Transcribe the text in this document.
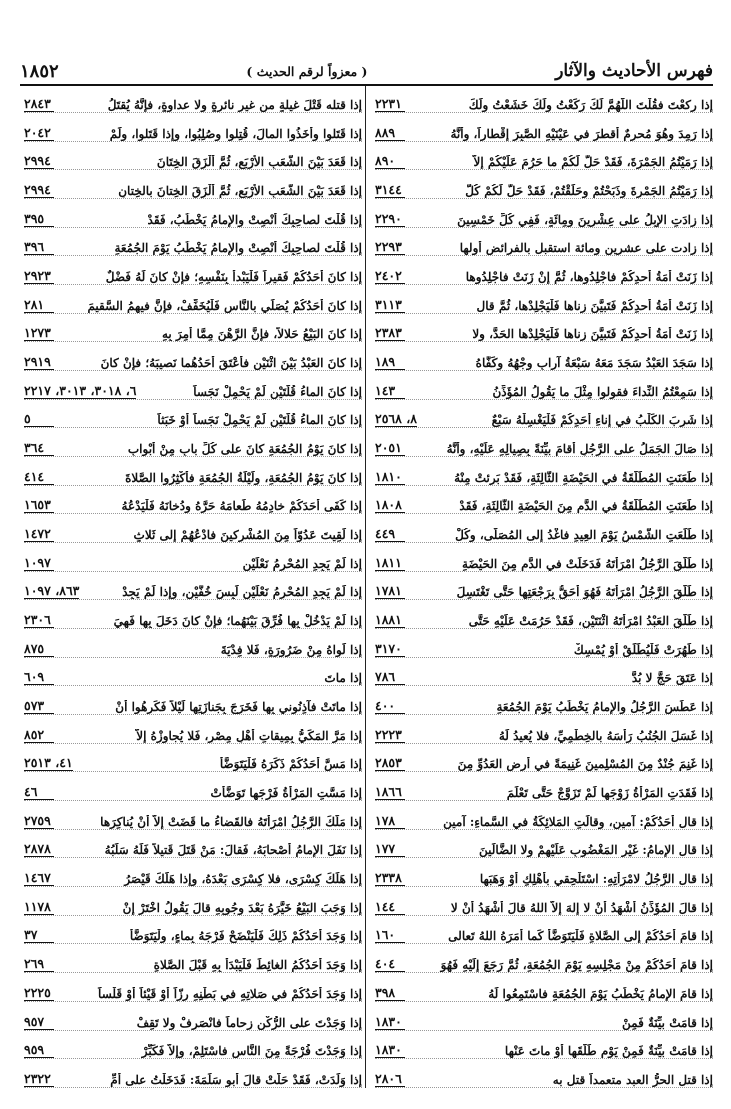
فهرس الأحاديث والآثار
( معزواً لرقم الحديث )
١٨٥٢
إذا ركعْتَ فقُلْتَ اللَّهُمَّ لَكَ رَكَعْتُ ولَكَ خَشَعْتُ ولَكَ
٢٢٣١
إذا رَمِدَ وهُوَ مُحرِمٌ أقطرَ في عَيْنَيْهِ الصَّبِرَ إقْطاراً، وأنَّهُ
٨٨٩
إذا رَمَيْتُمُ الجَمْرَةَ، فَقَدْ حَلَّ لَكُمْ ما حَرُمَ عَلَيْكُمْ إلاَّ
٨٩٠
إذا رَمَيْتُمُ الجَمْرةَ وذَبَحْتُمْ وحَلَقْتُمْ، فَقَدْ حَلَّ لَكُمْ كُلُّ
٣١٤٤
إذا زادَتِ الإبِلُ على عِشْرينَ ومِائَةٍ، فَفِي كُلِّ خَمْسِينَ
٢٢٩٠
إذا زادت على عشرين ومائة استقبل بالفرائض أولها
٢٢٩٣
إذا زَنَتْ أَمَةُ أحدِكُمْ فاجْلِدُوها، ثُمَّ إنْ زَنَتْ فاجْلِدُوها
٢٤٠٢
إذا زَنَتْ أَمَةُ أحدِكُمْ فَتَبيَّنَ زِناها فَلْيَجْلِدْها، ثُمَّ قال
٣١١٣
إذا زَنَتْ أَمَةُ أحدِكُمْ فَتَبيَّنَ زِناها فَلْيَجْلِدْها الحَدَّ، ولا
٢٣٨٣
إذا سَجَدَ العَبْدُ سَجَدَ مَعَهُ سَبْعَةُ آرابٍ وجْهُهُ وكَفَّاهُ
١٨٩
إذا سَمِعْتُمُ النِّداءَ فقولوا مِثْلَ ما يَقُولُ المُؤَذِّنُ
١٤٣
إذا شَرِبَ الكَلْبُ في إناءِ أحَدِكُمْ فَلْيَغْسِلْهُ سَبْعٌ
٨، ٢٥٦٨
إذا صَالَ الجَمَلُ على الرَّجُلِ أقامَ بيِّنَةً بِصِيالِهِ عَلَيْهِ، وأنَّهُ
٢٠٥١
إذا طَعَنَتِ المُطَلَّقَةُ في الحَيْضَةِ الثَّالِثَةِ، فَقَدْ بَرِئتْ مِنْهُ
١٨١٠
إذا طَعَنَتِ المُطَلَّقَةُ في الدَّمِ مِنَ الحَيْضَةِ الثَّالِثَةِ، فَقَدْ
١٨٠٨
إذا طَلَعَتِ الشَّمْسُ يَوْمَ العِيدِ فاغْدُ إلى المُصَلَّى، وكُلْ
٤٤٩
إذا طَلَّقَ الرَّجُلُ امْرَأتَهُ فَدَخَلَتْ في الدَّمِ مِنَ الحَيْضَةِ
١٨١١
إذا طَلَّقَ الرَّجُلُ امْرَأتَهُ فَهُوَ أحَقُّ بِرَجْعَتِها حَتَّى تَغْتَسِلَ
١٧٨١
إذا طَلَّقَ العَبْدُ امْرَأتَهُ اثْنَتَيْنِ، فَقَدْ حَرُمَتْ عَلَيْهِ حَتَّى
١٨٨١
إذا طَهُرَتْ فَلْيُطَلِّقْ أوْ يُمْسِكْ
٣١٧٠
إذا عَتَقَ حَجَّ لا بُدَّ
٧٨٦
إذا عَطَسَ الرَّجُلُ والإمامُ يَخْطُبُ يَوْمَ الجُمُعَةِ
٤٠٠
إذا غَسَلَ الجُنُبُ رَأسَهُ بالخِطْمِيِّ، فلا يُعيدُ لَهُ
٢٢٢٣
إذا غَنِمَ جُنْدٌ مِنَ المُسْلِمينَ غَنِيمَةً في أرضِ العَدُوِّ مِنَ
٢٨٥٣
إذا فَقَدَتِ المَرْأةُ زَوْجَها لَمْ تَزَوَّجْ حَتَّى تَعْلَمَ
١٨٦٦
إذا قال أحَدُكُمْ: آمين، وقالَتِ المَلائِكَةُ في السَّماءِ: آمين
١٧٨
إذا قال الإمامُ: غَيْرِ المَغْضُوبِ عَلَيْهِمْ ولا الضَّالِّينَ
١٧٧
إذا قال الرَّجُلُ لامْرَأتِهِ: اسْتَلْحِقي بأهْلِكِ أوْ وَهَبَها
٢٣٣٨
إذا قالَ المُؤَذِّنُ أشْهَدُ أنْ لا إلهَ إلاَّ اللهُ قالَ أشْهَدُ أنْ لا
١٤٤
إذا قامَ أحَدُكُمْ إلى الصَّلاةِ فَلْيَتَوَضَّأْ كَما أمَرَهُ اللهُ تَعالى
١٦٠
إذا قامَ أحَدُكُمْ مِنْ مَجْلِسِهِ يَوْمَ الجُمُعَةِ، ثُمَّ رَجَعَ إلَيْهِ فَهُوَ
٤٠٤
إذا قامَ الإمامُ يَخْطُبُ يَوْمَ الجُمُعَةِ فاسْتَمِعُوا لَهُ
٣٩٨
إذا قامَتْ بيِّنَةٌ فَمِنْ
١٨٣٠
إذا قامَتْ بيِّنَةٌ فَمِنْ يَوْمِ طَلَّقَها أوْ ماتَ عَنْها
١٨٣٠
إذا قتل الحرُّ العبد متعمداً قتل به
٢٨٠٦
إذا قتله قَتْلَ غيلةٍ من غير نائرةٍ ولا عداوةٍ، فإنَّهُ يُقتَلُ
٢٨٤٣
إذا قَتَلوا وأخَذُوا المالَ، قُتِلوا وصُلِبُوا، وإذا قَتَلوا، ولَمْ
٢٠٤٢
إذا قَعَدَ بَيْنَ الشُّعَبِ الأرْبَعِ، ثُمَّ أَلْزَقَ الخِتَانَ
٢٩٩٤
إذا قَعَدَ بَيْنَ الشُّعَبِ الأرْبَعِ، ثُمَّ أَلْزَقَ الخِتانَ بالخِتانِ
٢٩٩٤
إذا قُلْتَ لصاحِبِكَ أنْصِتْ والإمامُ يَخْطُبُ، فَقَدْ
٣٩٥
إذا قُلْتَ لصاحِبِكَ أنْصِتْ والإمامُ يَخْطُبُ يَوْمَ الجُمُعَةِ
٣٩٦
إذا كانَ أحَدُكُمْ فَقيراً فَلْيَبْدأْ بِنَفْسِهِ؛ فإنْ كانَ لَهُ فَضْلٌ
٢٩٢٣
إذا كانَ أحَدُكُمْ يُصَلِّي بالنَّاسِ فَلْيُخَفِّفْ، فإنَّ فيهِمُ السَّقيمَ
٢٨١
إذا كانَ البَيْعُ حَلالاً، فإنَّ الرَّهْنَ مِمَّا أُمِرَ بِهِ
١٢٧٣
إذا كانَ العَبْدُ بَيْنَ اثْنَيْنِ فأعْتَقَ أحَدُهُما نَصيبَهُ؛ فإنْ كانَ
٢٩١٩
إذا كانَ الماءُ قُلَّتَيْنِ لَمْ يَحْمِلْ نَجَساً
٦، ٣٠١٨، ٣٠١٣، ٢٢١٧
إذا كانَ الماءُ قُلَّتَيْنِ لَمْ يَحْمِلْ نَجَساً أوْ خَبَثاً
٥
إذا كانَ يَوْمُ الجُمُعَةِ كانَ على كُلِّ بابٍ مِنْ أبْوابِ
٣٦٤
إذا كانَ يَوْمُ الجُمُعَةِ، ولَيْلَةُ الجُمُعَةِ فأكْثِرُوا الصَّلاةَ
٤١٤
إذا كَفَى أحَدَكُمْ خادِمُهُ طَعامَهُ حَرَّهُ ودُخانَهُ فَلْيَدْعُهُ
١٦٥٣
إذا لَقِيتَ عَدُوّاً مِنَ المُشْرِكينَ فادْعُهُمْ إلى ثَلاثٍ
١٤٧٢
إذا لَمْ يَجِدِ المُحْرِمُ نَعْلَيْنِ
١٠٩٧
إذا لَمْ يَجِدِ المُحْرِمُ نَعْلَيْنِ لَبِسَ خُفَّيْنِ، وإذا لَمْ يَجِدْ
٨٦٣، ١٠٩٧
إذا لَمْ يَدْخُلْ بِها فُرِّقَ بَيْنَهُما؛ فإنْ كانَ دَخَلَ بِها فَهِيَ
٢٣٠٦
إذا لَواهُ مِنْ ضَرُورَةٍ، فَلا فِدْيَةَ
٨٧٥
إذا ماتَ
٦٠٩
إذا ماتَتْ فآذِنُوني بِها فَخَرَجَ بِجَنازَتِها لَيْلاً فَكَرِهُوا أنْ
٥٧٣
إذا مَرَّ المَكِّيُّ بِمِيقاتِ أهْلِ مِصْرٍ، فَلا يُجاوِزْهُ إلاَّ
٨٥٢
إذا مَسَّ أحَدُكُمْ ذَكَرَهُ فَلْيَتَوَضَّأْ
٤١، ٢٥١٣
إذا مَسَّتِ المَرْأةُ فَرْجَها تَوَضَّأتْ
٤٦
إذا مَلَّكَ الرَّجُلُ امْرَأتَهُ فالقَضاءُ ما قَضَتْ إلاَّ أنْ يُناكِرَها
٢٧٥٩
إذا نَفَلَ الإمامُ أصْحابَهُ، فَقالَ: مَنْ قَتَلَ قَتيلاً فَلَهُ سَلَبُهُ
٢٨٧٨
إذا هَلَكَ كِسْرَى، فلا كِسْرَى بَعْدَهُ، وإذا هَلَكَ قَيْصَرُ
١٤٦٧
إذا وَجَبَ البَيْعُ خَيَّرَهُ بَعْدَ وجُوبِهِ قالَ يَقُولُ اخْتَرْ إنْ
١١٧٨
إذا وَجَدَ أحَدُكُمْ ذَلِكَ فَلْيَنْضَحْ فَرْجَهُ بِماءٍ، ولْيَتَوَضَّأْ
٣٧
إذا وَجَدَ أحَدُكُمُ الغائِطَ فَلْيَبْدَأْ بِهِ قَبْلَ الصَّلاةِ
٢٦٩
إذا وَجَدَ أحَدُكُمْ في صَلاتِهِ في بَطْنِهِ رِزّاً أوْ قَيْئاً أوْ قَلْساً
٢٢٢٥
إذا وَجَدْتَ على الرُّكْنِ زِحاماً فانْصَرِفْ ولا تَقِفْ
٩٥٧
إذا وَجَدْتَ فُرْجَةً مِنَ النَّاسِ فاسْتَلِمْ، وإلاَّ فَكَبِّرْ
٩٥٩
إذا وَلَدَتْ، فَقَدْ حَلَّتْ قالَ أبو سَلَمَةَ: فَدَخَلْتُ على أُمِّ
٢٣٢٢
